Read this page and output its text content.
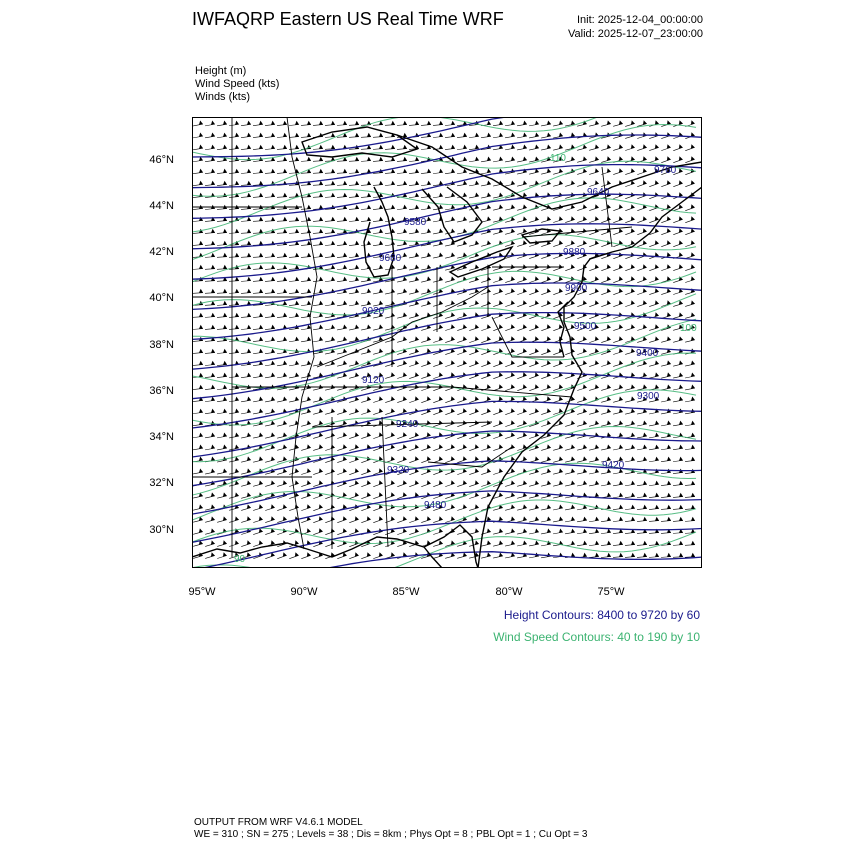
IWFAQRP Eastern US Real Time WRF	Init: 2025-12-04_00:00:00
Valid: 2025-12-07_23:00:00
Height (m)
Wind Speed (kts)
Winds (kts)
9760
9640
9580
9680
9880
9900
9020
9120
9240
9320
9300
9400
9420
9480
9500
90
110
100
46°N
44°N
42°N
40°N
38°N
36°N
34°N
32°N
30°N
95°W	90°W	85°W	80°W	75°W
Height Contours: 8400 to 9720 by 60
Wind Speed Contours: 40 to 190 by 10
OUTPUT FROM WRF V4.6.1 MODEL
WE = 310 ; SN = 275 ; Levels = 38 ; Dis = 8km ; Phys Opt = 8 ; PBL Opt = 1 ; Cu Opt = 3
